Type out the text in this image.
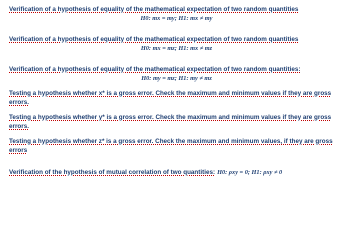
Verification of a hypothesis of equality of the mathematical expectation of two random quantities
H0: mx = my; H1: mx ≠ my
Verification of a hypothesis of equality of the mathematical expectation of two random quantities
H0: mx = mz; H1: mx ≠ mz
Verification of a hypothesis of equality of the mathematical expectation of two random quantities:
H0: my = mz; H1: my ≠ mz
Testing a hypothesis whether x* is a gross error. Check the maximum and minimum values if they are gross errors.
Testing a hypothesis whether y* is a gross error. Check the maximum and minimum values if they are gross errors.
Testing a hypothesis whether z* is a gross error. Check the maximum and minimum values, if they are gross errors
Verification of the hypothesis of mutual correlation of two quantities: H0: ρxy = 0; H1: ρxy ≠ 0
